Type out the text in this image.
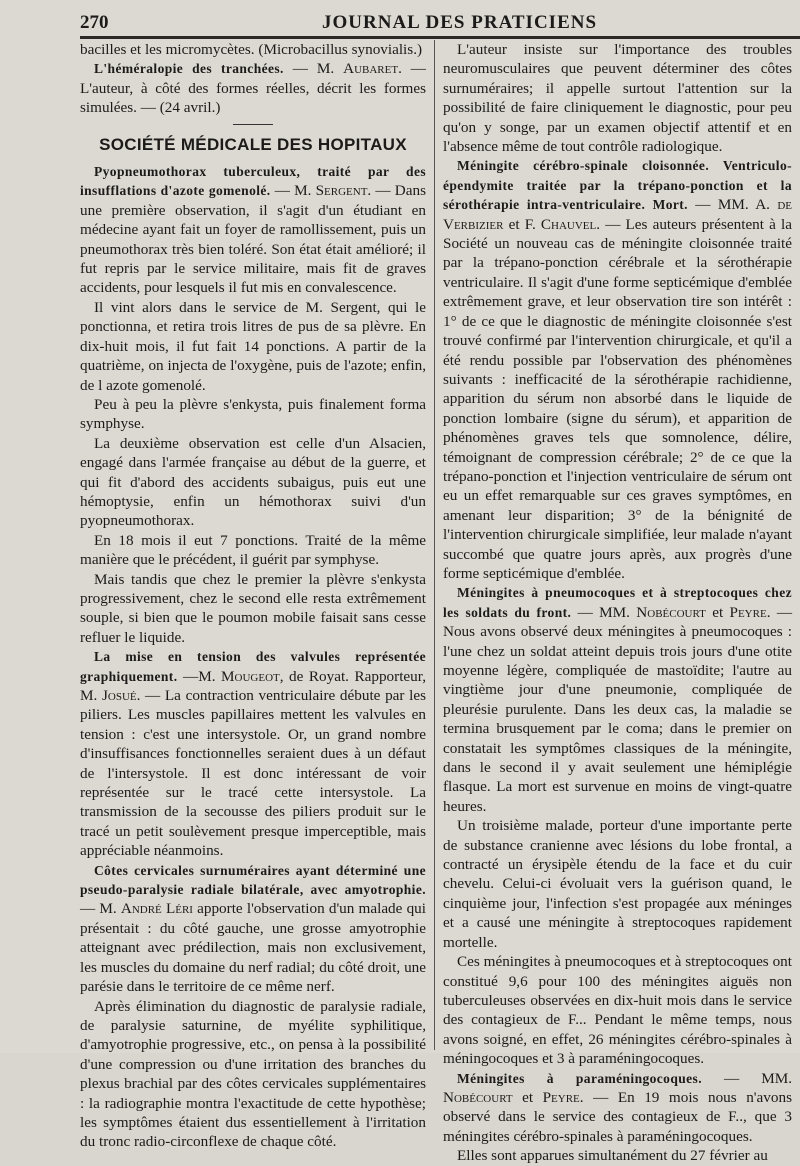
270	JOURNAL DES PRATICIENS

bacilles et les micromycètes. (Microbacillus synovialis.)

L'héméralopie des tranchées. — M. Aubaret. — L'auteur, à côté des formes réelles, décrit les formes simulées. — (24 avril.)

SOCIÉTÉ MÉDICALE DES HOPITAUX

Pyopneumothorax tuberculeux, traité par des insufflations d'azote gomenolé. — M. Sergent. — Dans une première observation, il s'agit d'un étudiant en médecine ayant fait un foyer de ramollissement, puis un pneumothorax très bien toléré. Son état était amélioré; il fut repris par le service militaire, mais fit de graves accidents, pour lesquels il fut mis en convalescence.

Il vint alors dans le service de M. Sergent, qui le ponctionna, et retira trois litres de pus de sa plèvre. En dix-huit mois, il fut fait 14 ponctions. A partir de la quatrième, on injecta de l'oxygène, puis de l'azote; enfin, de l azote gomenolé.

Peu à peu la plèvre s'enkysta, puis finalement forma symphyse.

La deuxième observation est celle d'un Alsacien, engagé dans l'armée française au début de la guerre, et qui fit d'abord des accidents subaigus, puis eut une hémoptysie, enfin un hémothorax suivi d'un pyopneumothorax.

En 18 mois il eut 7 ponctions. Traité de la même manière que le précédent, il guérit par symphyse.

Mais tandis que chez le premier la plèvre s'enkysta progressivement, chez le second elle resta extrêmement souple, si bien que le poumon mobile faisait sans cesse refluer le liquide.

La mise en tension des valvules représentée graphiquement. —M. Mougeot, de Royat. Rapporteur, M. Josué. — La contraction ventriculaire débute par les piliers. Les muscles papillaires mettent les valvules en tension : c'est une intersystole. Or, un grand nombre d'insuffisances fonctionnelles seraient dues à un défaut de l'intersystole. Il est donc intéressant de voir représentée sur le tracé cette intersystole. La transmission de la secousse des piliers produit sur le tracé un petit soulèvement presque imperceptible, mais appréciable néanmoins.

Côtes cervicales surnuméraires ayant déterminé une pseudo-paralysie radiale bilatérale, avec amyotrophie. — M. André Léri apporte l'observation d'un malade qui présentait : du côté gauche, une grosse amyotrophie atteignant avec prédilection, mais non exclusivement, les muscles du domaine du nerf radial; du côté droit, une parésie dans le territoire de ce même nerf.

Après élimination du diagnostic de paralysie radiale, de paralysie saturnine, de myélite syphilitique, d'amyotrophie progressive, etc., on pensa à la possibilité d'une compression ou d'une irritation des branches du plexus brachial par des côtes cervicales supplémentaires : la radiographie montra l'exactitude de cette hypothèse; les symptômes étaient dus essentiellement à l'irritation du tronc radio-circonflexe de chaque côté.

L'auteur insiste sur l'importance des troubles neuromusculaires que peuvent déterminer des côtes surnuméraires; il appelle surtout l'attention sur la possibilité de faire cliniquement le diagnostic, pour peu qu'on y songe, par un examen objectif attentif et en l'absence même de tout contrôle radiologique.

Méningite cérébro-spinale cloisonnée. Ventriculo-épendymite traitée par la trépano-ponction et la sérothérapie intra-ventriculaire. Mort. — MM. A. de Verbizier et F. Chauvel. — Les auteurs présentent à la Société un nouveau cas de méningite cloisonnée traité par la trépano-ponction cérébrale et la sérothérapie ventriculaire. Il s'agit d'une forme septicémique d'emblée extrêmement grave, et leur observation tire son intérêt : 1° de ce que le diagnostic de méningite cloisonnée s'est trouvé confirmé par l'intervention chirurgicale, et qu'il a été rendu possible par l'observation des phénomènes suivants : inefficacité de la sérothérapie rachidienne, apparition du sérum non absorbé dans le liquide de ponction lombaire (signe du sérum), et apparition de phénomènes graves tels que somnolence, délire, témoignant de compression cérébrale; 2° de ce que la trépano-ponction et l'injection ventriculaire de sérum ont eu un effet remarquable sur ces graves symptômes, en amenant leur disparition; 3° de la bénignité de l'intervention chirurgicale simplifiée, leur malade n'ayant succombé que quatre jours après, aux progrès d'une forme septicémique d'emblée.

Méningites à pneumocoques et à streptocoques chez les soldats du front. — MM. Nobécourt et Peyre. — Nous avons observé deux méningites à pneumocoques : l'une chez un soldat atteint depuis trois jours d'une otite moyenne légère, compliquée de mastoïdite; l'autre au vingtième jour d'une pneumonie, compliquée de pleurésie purulente. Dans les deux cas, la maladie se termina brusquement par le coma; dans le premier on constatait les symptômes classiques de la méningite, dans le second il y avait seulement une hémiplégie flasque. La mort est survenue en moins de vingt-quatre heures.

Un troisième malade, porteur d'une importante perte de substance cranienne avec lésions du lobe frontal, a contracté un érysipèle étendu de la face et du cuir chevelu. Celui-ci évoluait vers la guérison quand, le cinquième jour, l'infection s'est propagée aux méninges et a causé une méningite à streptocoques rapidement mortelle.

Ces méningites à pneumocoques et à streptocoques ont constitué 9,6 pour 100 des méningites aiguës non tuberculeuses observées en dix-huit mois dans le service des contagieux de F... Pendant le même temps, nous avons soigné, en effet, 26 méningites cérébro-spinales à méningocoques et 3 à paraméningocoques.

Méningites à paraméningocoques. — MM. Nobécourt et Peyre. — En 19 mois nous n'avons observé dans le service des contagieux de F.., que 3 méningites cérébro-spinales à paraméningocoques.

Elles sont apparues simultanément du 27 février au
